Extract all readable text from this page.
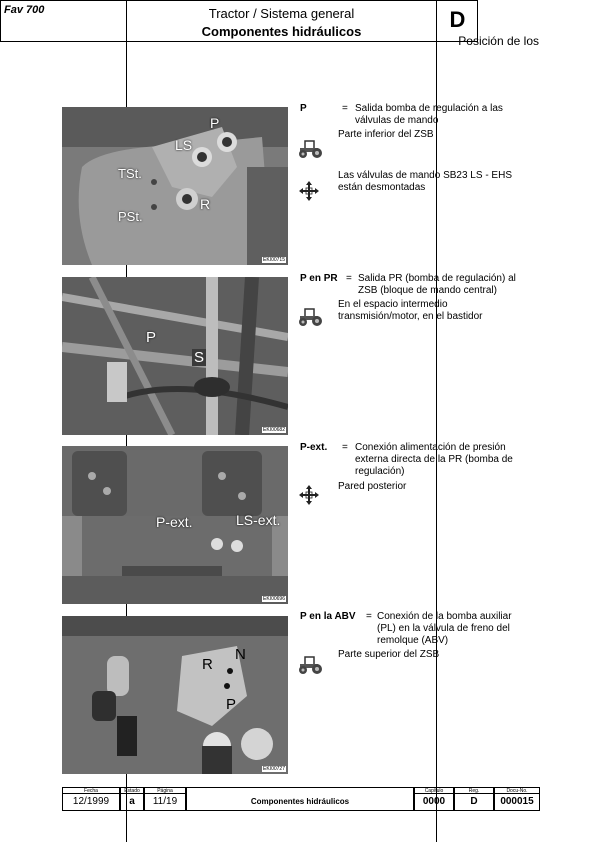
Posición de los
Fav 700	Tractor / Sistema general
Componentes hidráulicos	D
P
LS
TSt.
R
PSt.
EKI00715
P	= Salida bomba de regulación a las
válvulas de mando
Parte inferior del ZSB
Las válvulas de mando SB23 LS - EHS
están desmontadas
P
S
EKI00682
P en PR = Salida PR (bomba de regulación) al
ZSB (bloque de mando central)
En el espacio intermedio
transmisión/motor, en el bastidor
P-ext.	LS-ext.
EKI00696
P-ext. = Conexión alimentación de presión
externa directa de la PR (bomba de
regulación)
Pared posterior
R
N
P
EKI00727
P en la ABV = Conexión de la bomba auxiliar
(PL) en la válvula de freno del
remolque (ABV)
Parte superior del ZSB
Fecha
12/1999
Estado
a
Página
11/19	Componentes hidráulicos
Capítulo
0000
Reg.
D
Docu-No.
000015
